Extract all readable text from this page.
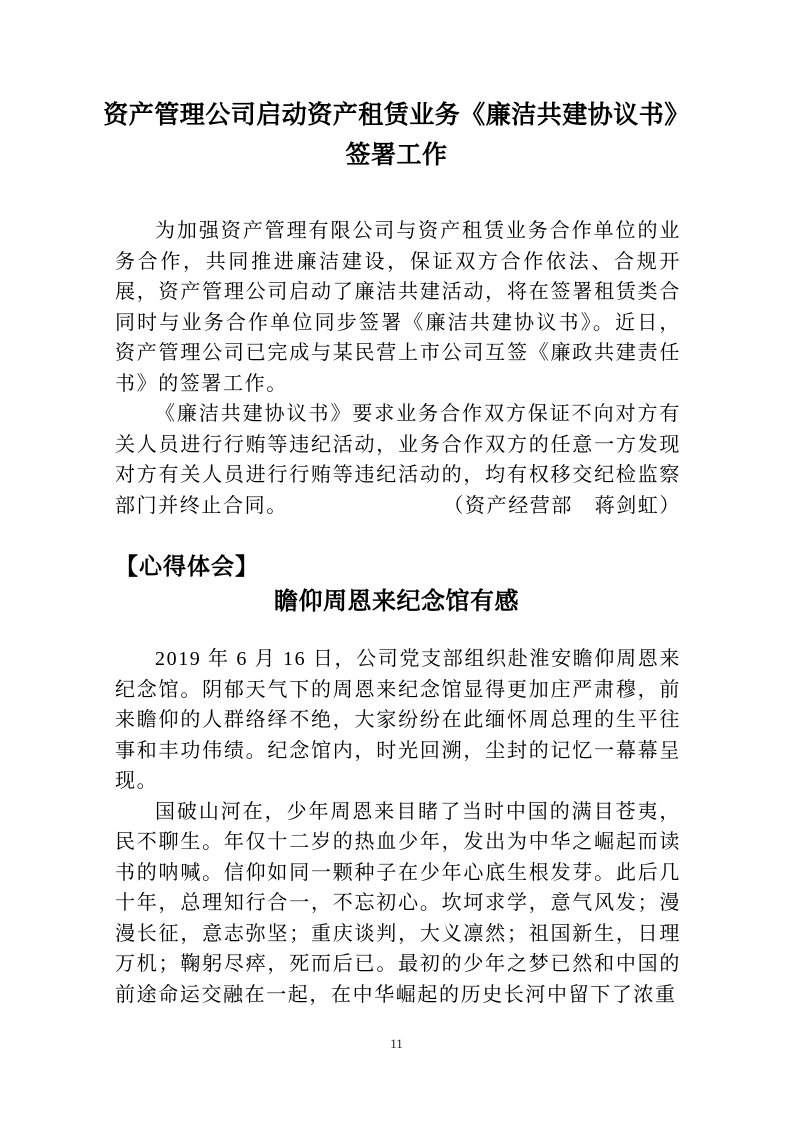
资产管理公司启动资产租赁业务《廉洁共建协议书》
签署工作

为加强资产管理有限公司与资产租赁业务合作单位的业务合作，共同推进廉洁建设，保证双方合作依法、合规开展，资产管理公司启动了廉洁共建活动，将在签署租赁类合同时与业务合作单位同步签署《廉洁共建协议书》。近日，资产管理公司已完成与某民营上市公司互签《廉政共建责任书》的签署工作。

《廉洁共建协议书》要求业务合作双方保证不向对方有关人员进行行贿等违纪活动，业务合作双方的任意一方发现对方有关人员进行行贿等违纪活动的，均有权移交纪检监察部门并终止合同。	（资产经营部　蒋剑虹）

【心得体会】
瞻仰周恩来纪念馆有感

2019 年 6 月 16 日，公司党支部组织赴淮安瞻仰周恩来纪念馆。阴郁天气下的周恩来纪念馆显得更加庄严肃穆，前来瞻仰的人群络绎不绝，大家纷纷在此缅怀周总理的生平往事和丰功伟绩。纪念馆内，时光回溯，尘封的记忆一幕幕呈现。

国破山河在，少年周恩来目睹了当时中国的满目苍夷，民不聊生。年仅十二岁的热血少年，发出为中华之崛起而读书的呐喊。信仰如同一颗种子在少年心底生根发芽。此后几十年，总理知行合一，不忘初心。坎坷求学，意气风发；漫漫长征，意志弥坚；重庆谈判，大义凛然；祖国新生，日理万机；鞠躬尽瘁，死而后已。最初的少年之梦已然和中国的前途命运交融在一起，在中华崛起的历史长河中留下了浓重

11
